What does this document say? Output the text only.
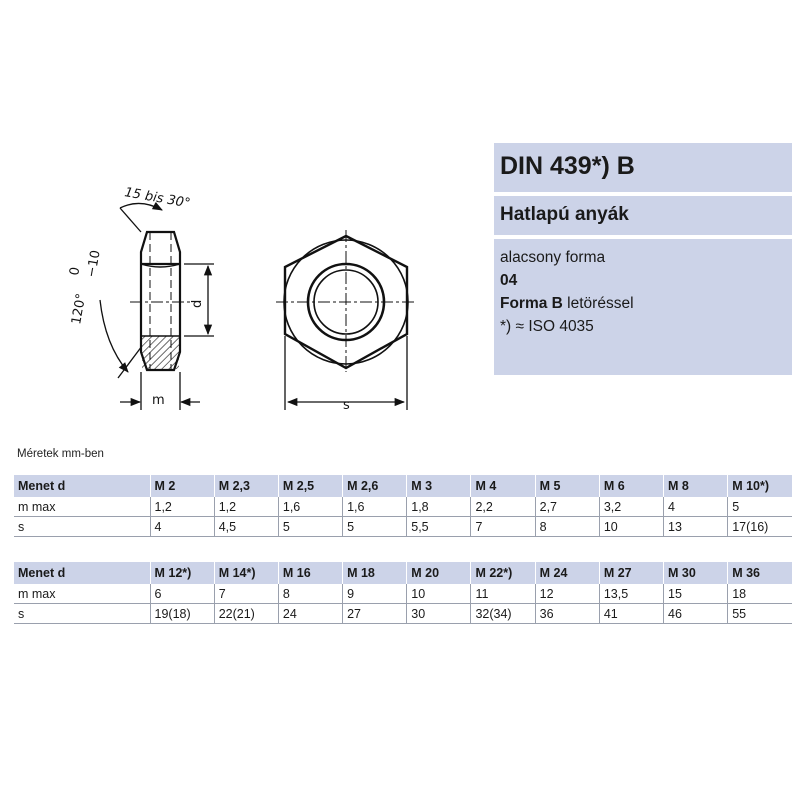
15 bis 30°
120°
0 −10
d
m	s
DIN 439*) B
Hatlapú anyák
alacsony forma
04
Forma B letöréssel
*) ≈ ISO 4035
Méretek mm-ben
Menet d	M 2	M 2,3	M 2,5	M 2,6	M 3	M 4	M 5	M 6	M 8	M 10*)
m max	1,2	1,2	1,6	1,6	1,8	2,2	2,7	3,2	4	5
s	4	4,5	5	5	5,5	7	8	10	13	17(16)
Menet d	M 12*)	M 14*)	M 16	M 18	M 20	M 22*)	M 24	M 27	M 30	M 36
m max	6	7	8	9	10	11	12	13,5	15	18
s	19(18)	22(21)	24	27	30	32(34)	36	41	46	55
